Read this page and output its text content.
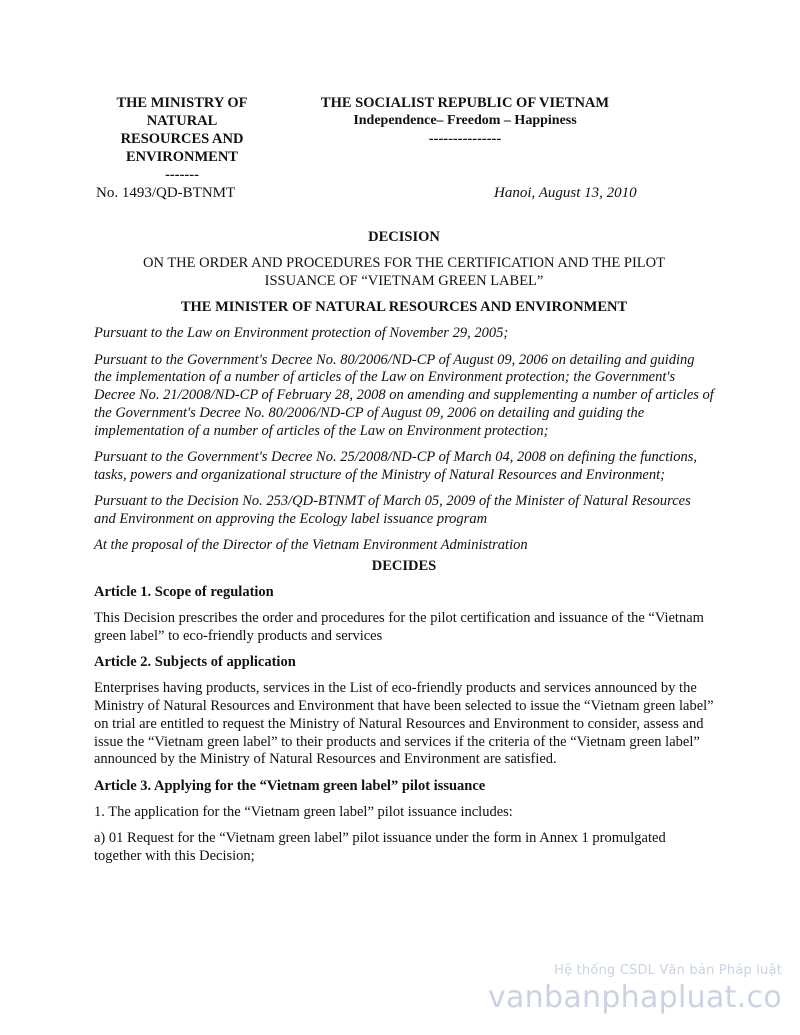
THE MINISTRY OF
NATURAL
RESOURCES AND
ENVIRONMENT
-------
THE SOCIALIST REPUBLIC OF VIETNAM
Independence– Freedom – Happiness
---------------
No. 1493/QD-BTNMT	Hanoi, August 13, 2010
DECISION
ON THE ORDER AND PROCEDURES FOR THE CERTIFICATION AND THE PILOT
ISSUANCE OF “VIETNAM GREEN LABEL”
THE MINISTER OF NATURAL RESOURCES AND ENVIRONMENT
Pursuant to the Law on Environment protection of November 29, 2005;
Pursuant to the Government's Decree No. 80/2006/ND-CP of August 09, 2006 on detailing and guiding the implementation of a number of articles of the Law on Environment protection; the Government's Decree No. 21/2008/ND-CP of February 28, 2008 on amending and supplementing a number of articles of the Government's Decree No. 80/2006/ND-CP of August 09, 2006 on detailing and guiding the implementation of a number of articles of the Law on Environment protection;
Pursuant to the Government's Decree No. 25/2008/ND-CP of March 04, 2008 on defining the functions, tasks, powers and organizational structure of the Ministry of Natural Resources and Environment;
Pursuant to the Decision No. 253/QD-BTNMT of March 05, 2009 of the Minister of Natural Resources and Environment on approving the Ecology label issuance program
At the proposal of the Director of the Vietnam Environment Administration
DECIDES
Article 1. Scope of regulation
This Decision prescribes the order and procedures for the pilot certification and issuance of the “Vietnam green label” to eco-friendly products and services
Article 2. Subjects of application
Enterprises having products, services in the List of eco-friendly products and services announced by the Ministry of Natural Resources and Environment that have been selected to issue the “Vietnam green label” on trial are entitled to request the Ministry of Natural Resources and Environment to consider, assess and issue the “Vietnam green label” to their products and services if the criteria of the “Vietnam green label” announced by the Ministry of Natural Resources and Environment are satisfied.
Article 3. Applying for the “Vietnam green label” pilot issuance
1. The application for the “Vietnam green label” pilot issuance includes:
a) 01 Request for the “Vietnam green label” pilot issuance under the form in Annex 1 promulgated together with this Decision;
Hệ thống CSDL Văn bản Pháp luật
vanbanphapluat.co
